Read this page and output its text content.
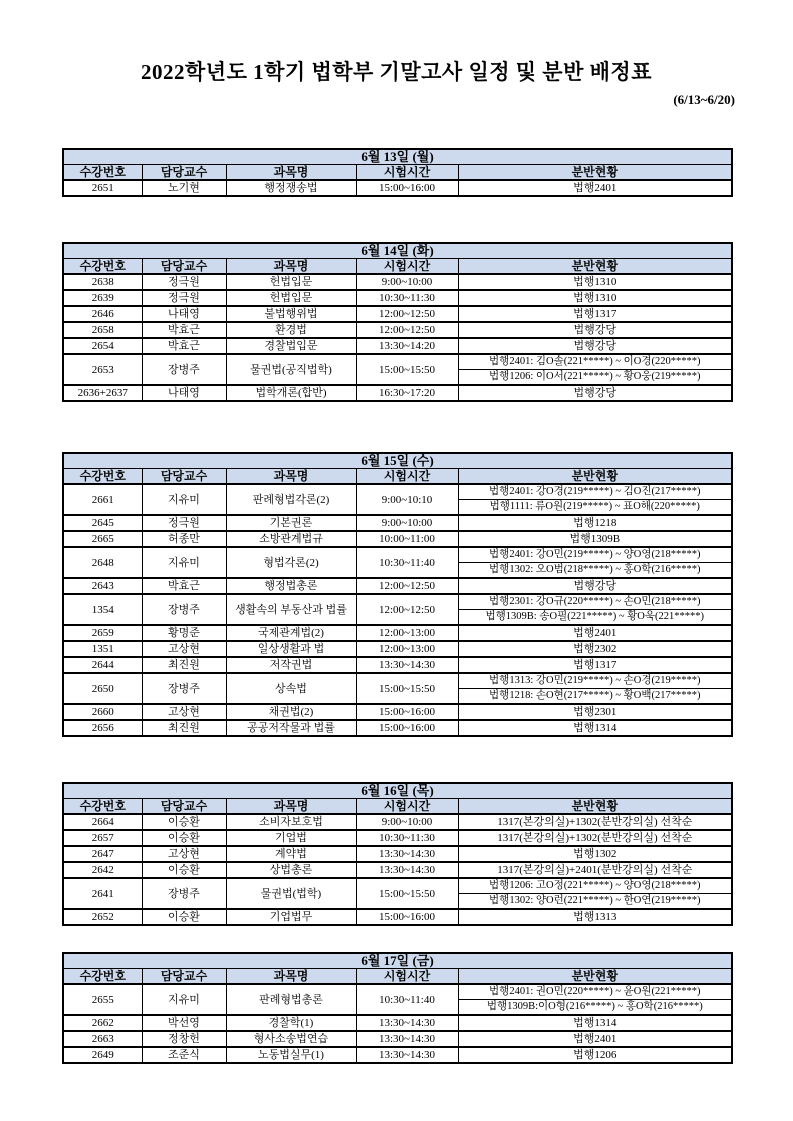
2022학년도 1학기 법학부 기말고사 일정 및 분반 배정표
(6/13~6/20)
6월 13일 (월)				
수강번호	담당교수	과목명	시험시간	분반현황
2651	노기현	행정쟁송법	15:00~16:00	법행2401
6월 14일 (화)				
수강번호	담당교수	과목명	시험시간	분반현황
2638	정극원	헌법입문	9:00~10:00	법행1310
2639	정극원	헌법입문	10:30~11:30	법행1310
2646	나태영	불법행위법	12:00~12:50	법행1317
2658	박효근	환경법	12:00~12:50	법행강당
2654	박효근	경찰법입문	13:30~14:20	법행강당
2653	장병주	물권법(공직법학)	15:00~15:50	법행2401: 김O솔(221*****) ~ 이O경(220*****)
				법행1206: 이O서(221*****) ~ 황O웅(219*****)
2636+2637	나태영	법학개론(합반)	16:30~17:20	법행강당
6월 15일 (수)				
수강번호	담당교수	과목명	시험시간	분반현황
2661	지유미	판례형법각론(2)	9:00~10:10	법행2401: 강O경(219*****) ~ 김O진(217*****)
				법행1111: 류O원(219*****) ~ 표O해(220*****)
2645	정극원	기본권론	9:00~10:00	법행1218
2665	허종만	소방관계법규	10:00~11:00	법행1309B
2648	지유미	형법각론(2)	10:30~11:40	법행2401: 강O민(219*****) ~ 양O영(218*****)
				법행1302: 오O범(218*****) ~ 홍O학(216*****)
2643	박효근	행정법총론	12:00~12:50	법행강당
1354	장병주	생활속의 부동산과 법률	12:00~12:50	법행2301: 강O규(220*****) ~ 손O민(218*****)
				법행1309B: 송O필(221*****) ~ 황O욱(221*****)
2659	황명준	국제관계법(2)	12:00~13:00	법행2401
1351	고상현	일상생활과 법	12:00~13:00	법행2302
2644	최진원	저작권법	13:30~14:30	법행1317
2650	장병주	상속법	15:00~15:50	법행1313: 강O민(219*****) ~ 손O경(219*****)
				법행1218: 손O현(217*****) ~ 황O백(217*****)
2660	고상현	채권법(2)	15:00~16:00	법행2301
2656	최진원	공공저작물과 법률	15:00~16:00	법행1314
6월 16일 (목)				
수강번호	담당교수	과목명	시험시간	분반현황
2664	이승환	소비자보호법	9:00~10:00	1317(본강의실)+1302(분반강의실) 선착순
2657	이승환	기업법	10:30~11:30	1317(본강의실)+1302(분반강의실) 선착순
2647	고상현	계약법	13:30~14:30	법행1302
2642	이승환	상법총론	13:30~14:30	1317(본강의실)+2401(분반강의실) 선착순
2641	장병주	물권법(법학)	15:00~15:50	법행1206: 고O정(221*****) ~ 양O영(218*****)
				법행1302: 양O런(221*****) ~ 한O연(219*****)
2652	이승환	기업법무	15:00~16:00	법행1313
6월 17일 (금)				
수강번호	담당교수	과목명	시험시간	분반현황
2655	지유미	판례형법총론	10:30~11:40	법행2401: 권O민(220*****) ~ 윤O원(221*****)
				법행1309B:이O형(216*****) ~ 홍O학(216*****)
2662	박선영	경찰학(1)	13:30~14:30	법행1314
2663	정창헌	형사소송법연습	13:30~14:30	법행2401
2649	조준식	노동법실무(1)	13:30~14:30	법행1206
